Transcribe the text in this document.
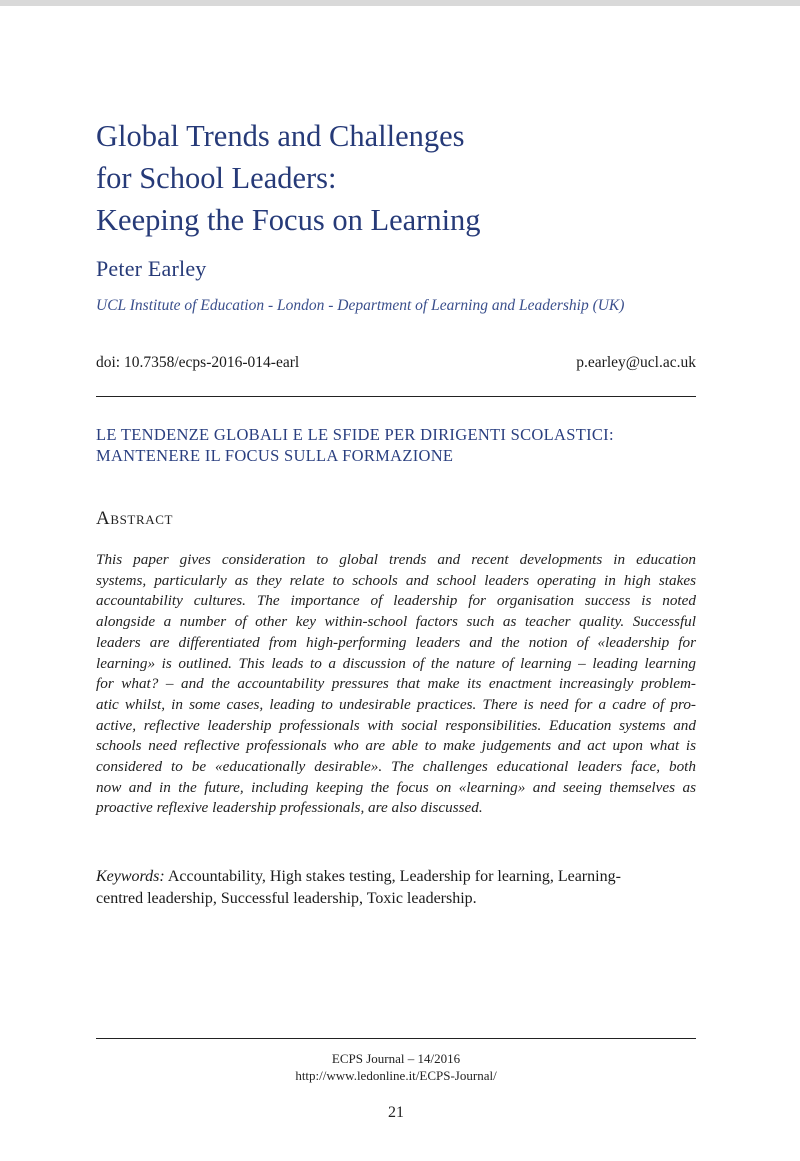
Global Trends and Challenges
for School Leaders:
Keeping the Focus on Learning
Peter Earley
UCL Institute of Education - London - Department of Learning and Leadership (UK)
doi: 10.7358/ecps-2016-014-earl	p.earley@ucl.ac.uk
LE TENDENZE GLOBALI E LE SFIDE PER DIRIGENTI SCOLASTICI:
MANTENERE IL FOCUS SULLA FORMAZIONE
Abstract
This paper gives consideration to global trends and recent developments in education
systems, particularly as they relate to schools and school leaders operating in high stakes
accountability cultures. The importance of leadership for organisation success is noted
alongside a number of other key within-school factors such as teacher quality. Successful
leaders are differentiated from high-performing leaders and the notion of «leadership for
learning» is outlined. This leads to a discussion of the nature of learning – leading learning
for what? – and the accountability pressures that make its enactment increasingly problem-
atic whilst, in some cases, leading to undesirable practices. There is need for a cadre of pro-
active, reflective leadership professionals with social responsibilities. Education systems and
schools need reflective professionals who are able to make judgements and act upon what is
considered to be «educationally desirable». The challenges educational leaders face, both
now and in the future, including keeping the focus on «learning» and seeing themselves as
proactive reflexive leadership professionals, are also discussed.
Keywords: Accountability, High stakes testing, Leadership for learning, Learning-
centred leadership, Successful leadership, Toxic leadership.
ECPS Journal – 14/2016
http://www.ledonline.it/ECPS-Journal/
21
